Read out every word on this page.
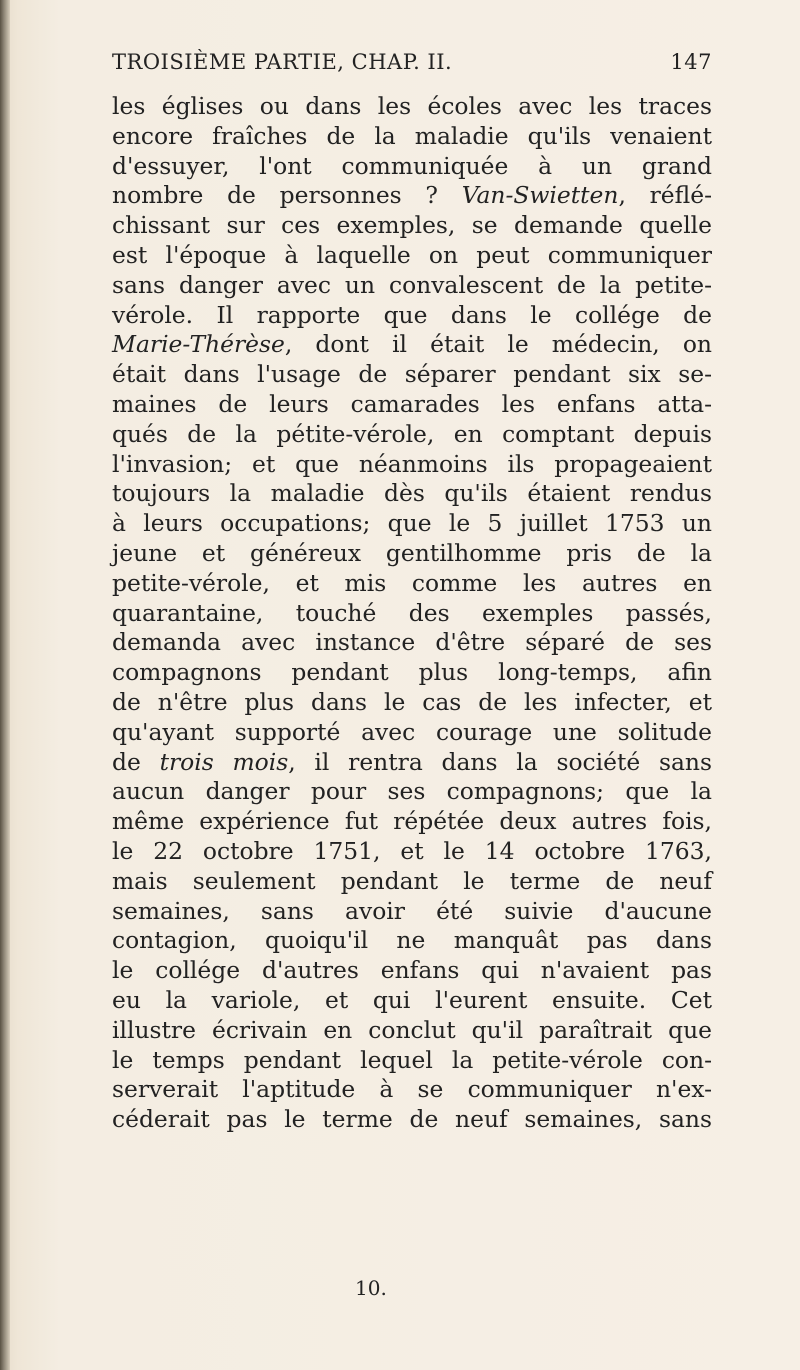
TROISIÈME PARTIE, CHAP. II.	147
les églises ou dans les écoles avec les traces
encore fraîches de la maladie qu'ils venaient
d'essuyer, l'ont communiquée à un grand
nombre de personnes ? Van-Swietten, réflé-
chissant sur ces exemples, se demande quelle
est l'époque à laquelle on peut communiquer
sans danger avec un convalescent de la petite-
vérole. Il rapporte que dans le collége de
Marie-Thérèse, dont il était le médecin, on
était dans l'usage de séparer pendant six se-
maines de leurs camarades les enfans atta-
qués de la pétite-vérole, en comptant depuis
l'invasion; et que néanmoins ils propageaient
toujours la maladie dès qu'ils étaient rendus
à leurs occupations; que le 5 juillet 1753 un
jeune et généreux gentilhomme pris de la
petite-vérole, et mis comme les autres en
quarantaine, touché des exemples passés,
demanda avec instance d'être séparé de ses
compagnons pendant plus long-temps, afin
de n'être plus dans le cas de les infecter, et
qu'ayant supporté avec courage une solitude
de trois mois, il rentra dans la société sans
aucun danger pour ses compagnons; que la
même expérience fut répétée deux autres fois,
le 22 octobre 1751, et le 14 octobre 1763,
mais seulement pendant le terme de neuf
semaines, sans avoir été suivie d'aucune
contagion, quoiqu'il ne manquât pas dans
le collége d'autres enfans qui n'avaient pas
eu la variole, et qui l'eurent ensuite. Cet
illustre écrivain en conclut qu'il paraîtrait que
le temps pendant lequel la petite-vérole con-
serverait l'aptitude à se communiquer n'ex-
céderait pas le terme de neuf semaines, sans
10.
